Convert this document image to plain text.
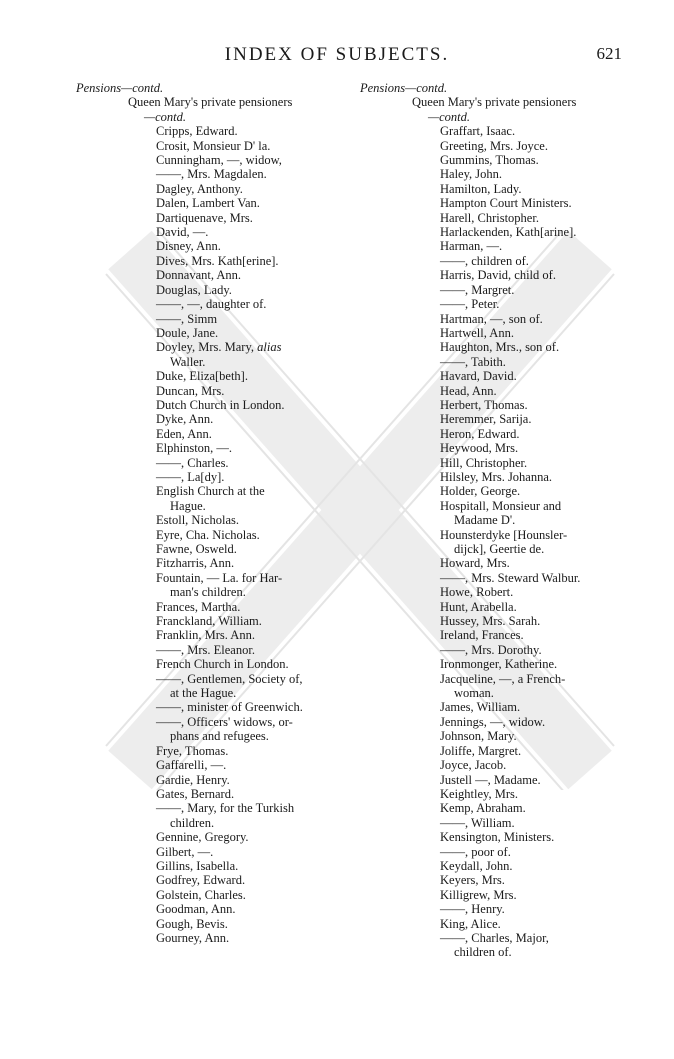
INDEX OF SUBJECTS.	621
Pensions—contd.
Queen Mary's private pensioners
—contd.
Cripps, Edward.
Crosit, Monsieur D' la.
Cunningham, —, widow,
——, Mrs. Magdalen.
Dagley, Anthony.
Dalen, Lambert Van.
Dartiquenave, Mrs.
David, —.
Disney, Ann.
Dives, Mrs. Kath[erine].
Donnavant, Ann.
Douglas, Lady.
——, —, daughter of.
——, Simm
Doule, Jane.
Doyley, Mrs. Mary, alias
Waller.
Duke, Eliza[beth].
Duncan, Mrs.
Dutch Church in London.
Dyke, Ann.
Eden, Ann.
Elphinston, —.
——, Charles.
——, La[dy].
English Church at the
Hague.
Estoll, Nicholas.
Eyre, Cha. Nicholas.
Fawne, Osweld.
Fitzharris, Ann.
Fountain, — La. for Har-
man's children.
Frances, Martha.
Franckland, William.
Franklin, Mrs. Ann.
——, Mrs. Eleanor.
French Church in London.
——, Gentlemen, Society of,
at the Hague.
——, minister of Greenwich.
——, Officers' widows, or-
phans and refugees.
Frye, Thomas.
Gaffarelli, —.
Gardie, Henry.
Gates, Bernard.
——, Mary, for the Turkish
children.
Gennine, Gregory.
Gilbert, —.
Gillins, Isabella.
Godfrey, Edward.
Golstein, Charles.
Goodman, Ann.
Gough, Bevis.
Gourney, Ann.
Pensions—contd.
Queen Mary's private pensioners
—contd.
Graffart, Isaac.
Greeting, Mrs. Joyce.
Gummins, Thomas.
Haley, John.
Hamilton, Lady.
Hampton Court Ministers.
Harell, Christopher.
Harlackenden, Kath[arine].
Harman, —.
——, children of.
Harris, David, child of.
——, Margret.
——, Peter.
Hartman, —, son of.
Hartwell, Ann.
Haughton, Mrs., son of.
——, Tabith.
Havard, David.
Head, Ann.
Herbert, Thomas.
Heremmer, Sarija.
Heron, Edward.
Heywood, Mrs.
Hill, Christopher.
Hilsley, Mrs. Johanna.
Holder, George.
Hospitall, Monsieur and
Madame D'.
Hounsterdyke [Hounsler-
dijck], Geertie de.
Howard, Mrs.
——, Mrs. Steward Walbur.
Howe, Robert.
Hunt, Arabella.
Hussey, Mrs. Sarah.
Ireland, Frances.
——, Mrs. Dorothy.
Ironmonger, Katherine.
Jacqueline, —, a French-
woman.
James, William.
Jennings, —, widow.
Johnson, Mary.
Joliffe, Margret.
Joyce, Jacob.
Justell —, Madame.
Keightley, Mrs.
Kemp, Abraham.
——, William.
Kensington, Ministers.
——, poor of.
Keydall, John.
Keyers, Mrs.
Killigrew, Mrs.
——, Henry.
King, Alice.
——, Charles, Major,
children of.
